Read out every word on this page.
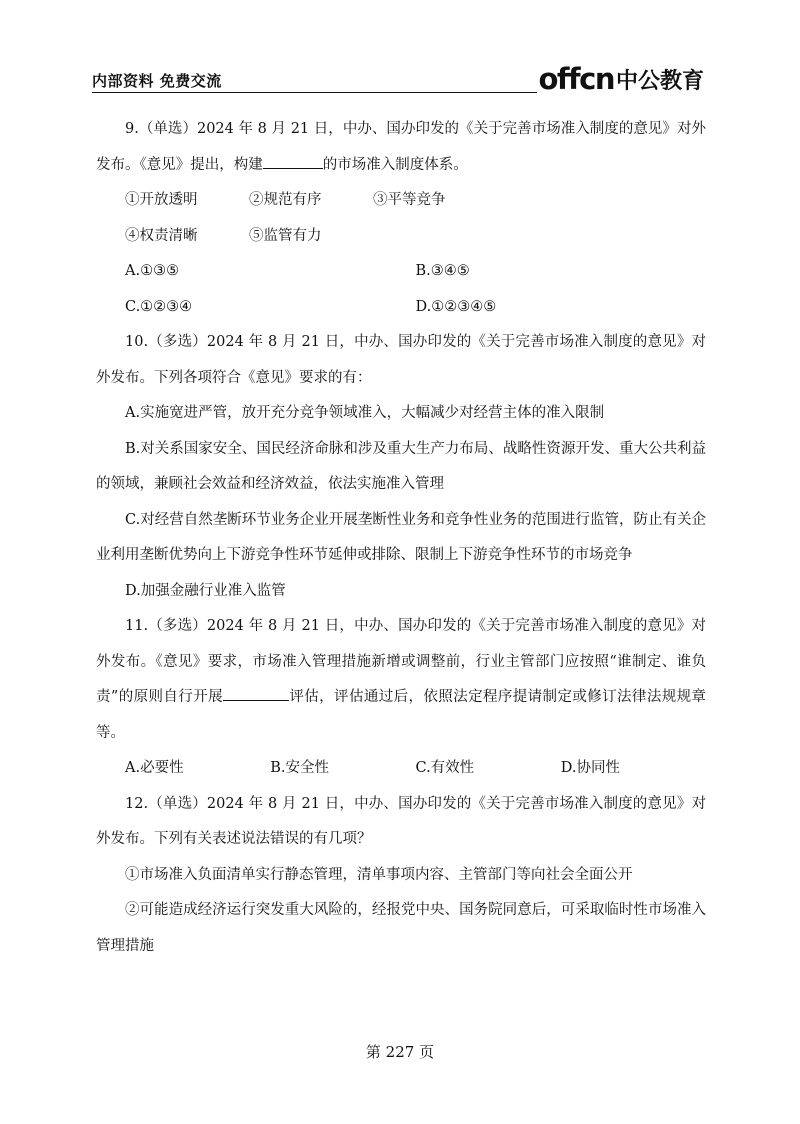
内部资料 免费交流	offcn 中公教育

9.（单选）2024 年 8 月 21 日，中办、国办印发的《关于完善市场准入制度的意见》对外发布。《意见》提出，构建	的市场准入制度体系。

①开放透明	②规范有序	③平等竞争
④权责清晰	⑤监管有力
A.①③⑤	B.③④⑤
C.①②③④	D.①②③④⑤

10.（多选）2024 年 8 月 21 日，中办、国办印发的《关于完善市场准入制度的意见》对外发布。下列各项符合《意见》要求的有：

A.实施宽进严管，放开充分竞争领域准入，大幅减少对经营主体的准入限制

B.对关系国家安全、国民经济命脉和涉及重大生产力布局、战略性资源开发、重大公共利益的领域，兼顾社会效益和经济效益，依法实施准入管理

C.对经营自然垄断环节业务企业开展垄断性业务和竞争性业务的范围进行监管，防止有关企业利用垄断优势向上下游竞争性环节延伸或排除、限制上下游竞争性环节的市场竞争

D.加强金融行业准入监管

11.（多选）2024 年 8 月 21 日，中办、国办印发的《关于完善市场准入制度的意见》对外发布。《意见》要求，市场准入管理措施新增或调整前，行业主管部门应按照“谁制定、谁负责”的原则自行开展	评估，评估通过后，依照法定程序提请制定或修订法律法规规章等。

A.必要性	B.安全性	C.有效性	D.协同性

12.（单选）2024 年 8 月 21 日，中办、国办印发的《关于完善市场准入制度的意见》对外发布。下列有关表述说法错误的有几项？

①市场准入负面清单实行静态管理，清单事项内容、主管部门等向社会全面公开

②可能造成经济运行突发重大风险的，经报党中央、国务院同意后，可采取临时性市场准入管理措施

第 227 页
